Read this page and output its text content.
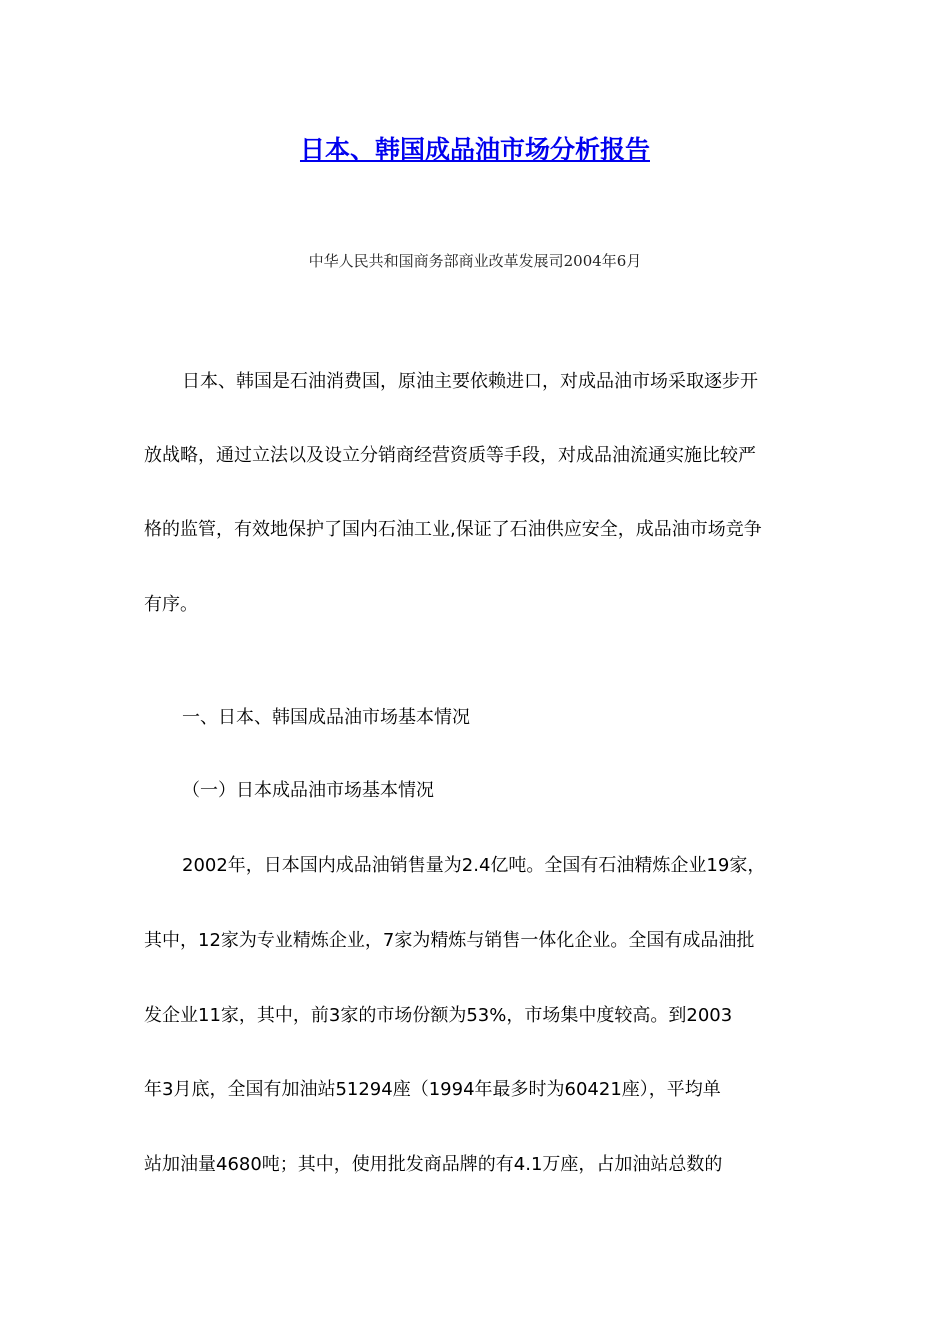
日本、韩国成品油市场分析报告
中华人民共和国商务部商业改革发展司2004年6月
日本、韩国是石油消费国，原油主要依赖进口，对成品油市场采取逐步开
放战略，通过立法以及设立分销商经营资质等手段，对成品油流通实施比较严
格的监管，有效地保护了国内石油工业,保证了石油供应安全，成品油市场竞争
有序。
一、日本、韩国成品油市场基本情况
（一）日本成品油市场基本情况
2002年，日本国内成品油销售量为2.4亿吨。全国有石油精炼企业19家，
其中，12家为专业精炼企业，7家为精炼与销售一体化企业。全国有成品油批
发企业11家，其中，前3家的市场份额为53%，市场集中度较高。到2003
年3月底，全国有加油站51294座（1994年最多时为60421座），平均单
站加油量4680吨；其中，使用批发商品牌的有4.1万座，占加油站总数的
